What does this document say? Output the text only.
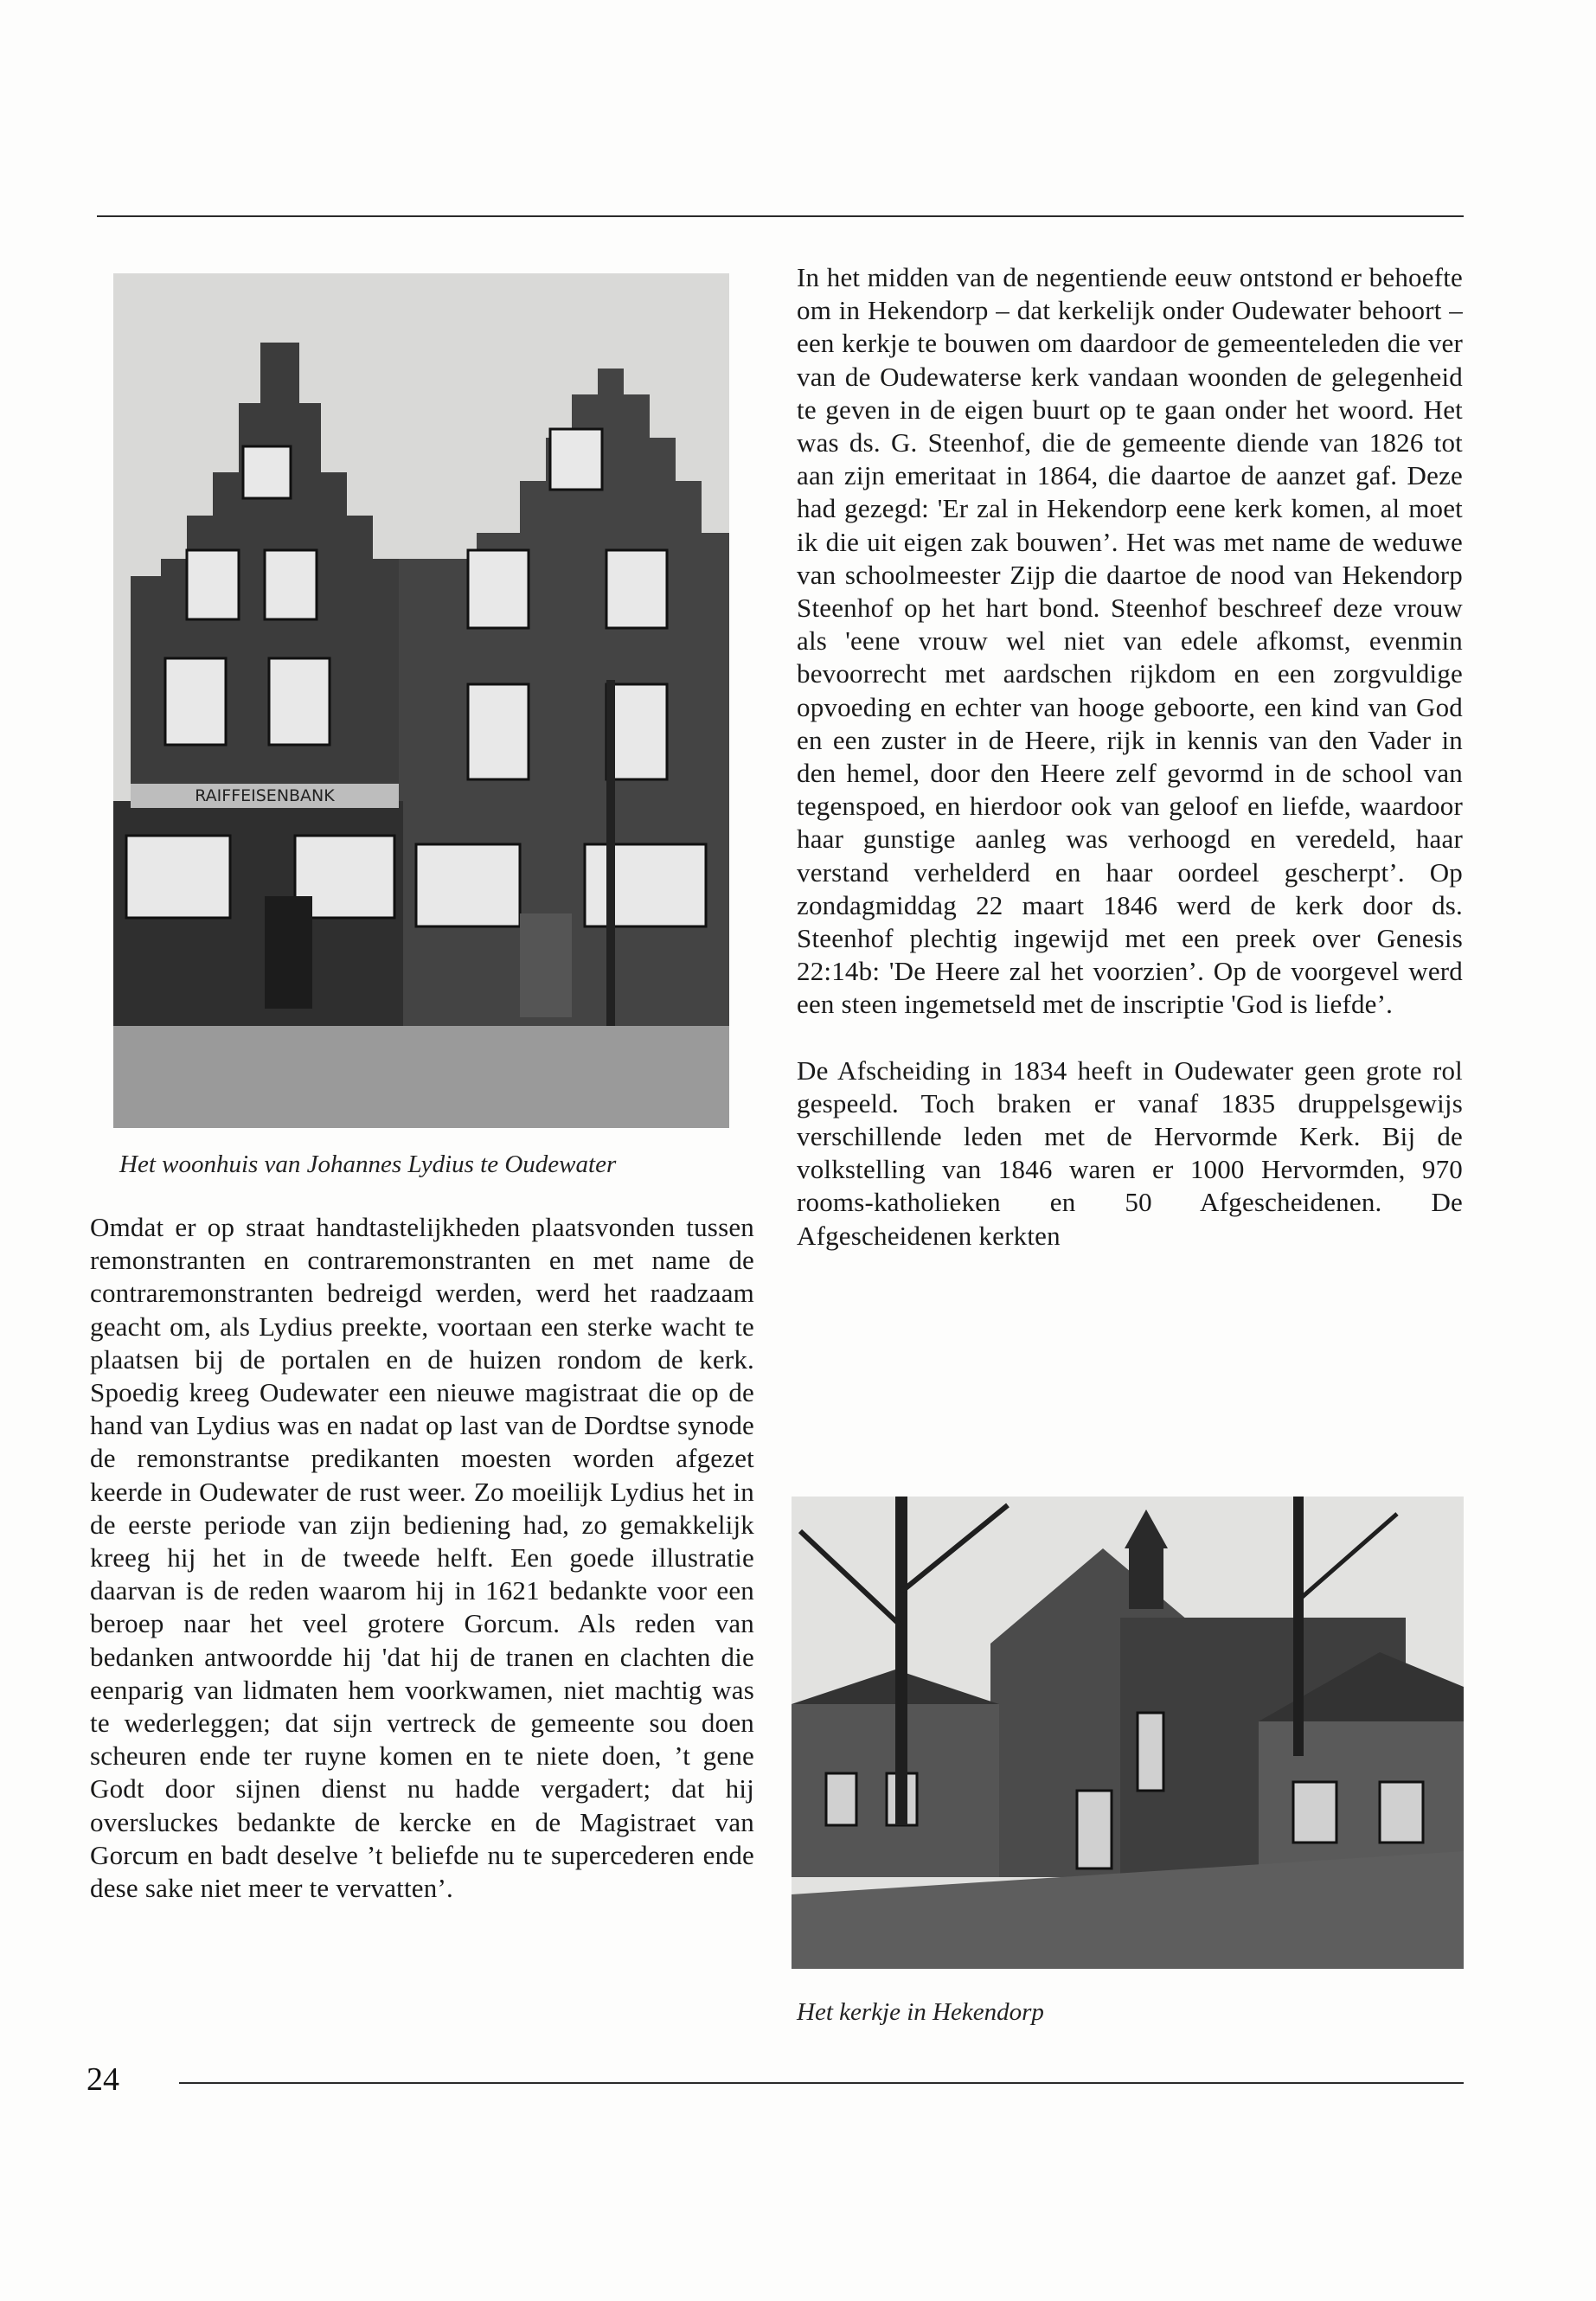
RAIFFEISENBANK
Het woonhuis van Johannes Lydius te Oudewater

Omdat er op straat handtastelijkheden plaatsvonden tussen remonstranten en contraremonstranten en met name de contraremonstranten bedreigd werden, werd het raadzaam geacht om, als Lydius preekte, voortaan een sterke wacht te plaatsen bij de portalen en de huizen rondom de kerk. Spoedig kreeg Oudewater een nieuwe magistraat die op de hand van Lydius was en nadat op last van de Dordtse synode de remonstrantse predikanten moesten worden afgezet keerde in Oudewater de rust weer. Zo moeilijk Lydius het in de eerste periode van zijn bediening had, zo gemakkelijk kreeg hij het in de tweede helft. Een goede illustratie daarvan is de reden waarom hij in 1621 bedankte voor een beroep naar het veel grotere Gorcum. Als reden van bedanken antwoordde hij 'dat hij de tranen en clachten die eenparig van lidmaten hem voorkwamen, niet machtig was te wederleggen; dat sijn vertreck de gemeente sou doen scheuren ende ter ruyne komen en te niete doen, ’t gene Godt door sijnen dienst nu hadde vergadert; dat hij oversluckes bedankte de kercke en de Magistraet van Gorcum en badt deselve ’t beliefde nu te supercederen ende dese sake niet meer te vervatten’.

In het midden van de negentiende eeuw ontstond er behoefte om in Hekendorp – dat kerkelijk onder Oudewater behoort – een kerkje te bouwen om daardoor de gemeenteleden die ver van de Oudewaterse kerk vandaan woonden de gelegenheid te geven in de eigen buurt op te gaan onder het woord. Het was ds. G. Steenhof, die de gemeente diende van 1826 tot aan zijn emeritaat in 1864, die daartoe de aanzet gaf. Deze had gezegd: 'Er zal in Hekendorp eene kerk komen, al moet ik die uit eigen zak bouwen’. Het was met name de weduwe van schoolmeester Zijp die daartoe de nood van Hekendorp Steenhof op het hart bond. Steenhof beschreef deze vrouw als 'eene vrouw wel niet van edele afkomst, evenmin bevoorrecht met aardschen rijkdom en een zorgvuldige opvoeding en echter van hooge geboorte, een kind van God en een zuster in de Heere, rijk in kennis van den Vader in den hemel, door den Heere zelf gevormd in de school van tegenspoed, en hierdoor ook van geloof en liefde, waardoor haar gunstige aanleg was verhoogd en veredeld, haar verstand verhelderd en haar oordeel gescherpt’. Op zondagmiddag 22 maart 1846 werd de kerk door ds. Steenhof plechtig ingewijd met een preek over Genesis 22:14b: 'De Heere zal het voorzien’. Op de voorgevel werd een steen ingemetseld met de inscriptie 'God is liefde’.

De Afscheiding in 1834 heeft in Oudewater geen grote rol gespeeld. Toch braken er vanaf 1835 druppelsgewijs verschillende leden met de Hervormde Kerk. Bij de volkstelling van 1846 waren er 1000 Hervormden, 970 rooms-katholieken en 50 Afgescheidenen. De Afgescheidenen kerkten

Het kerkje in Hekendorp
24
